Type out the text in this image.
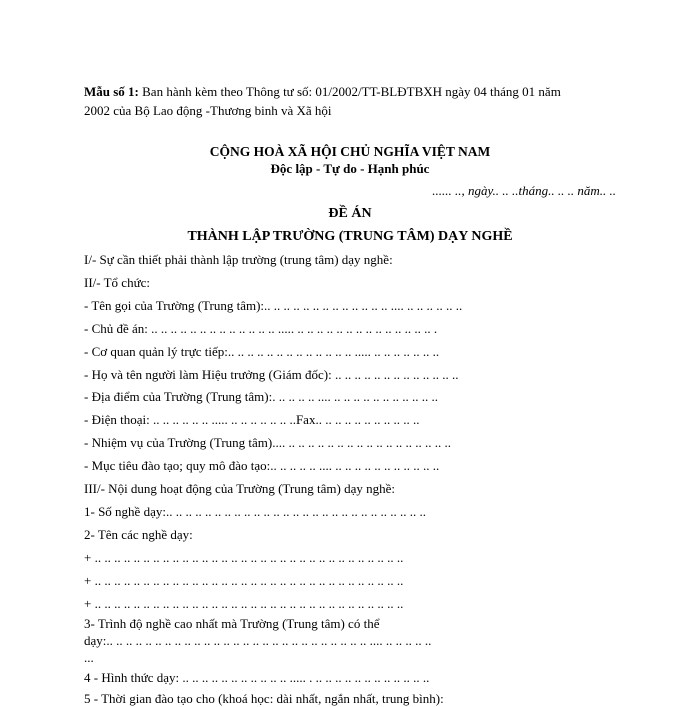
Mẫu số 1: Ban hành kèm theo Thông tư số: 01/2002/TT-BLĐTBXH ngày 04 tháng 01 năm
2002 của Bộ Lao động -Thương binh và Xã hội
CỘNG HOÀ XÃ HỘI CHỦ NGHĨA VIỆT NAM
Độc lập - Tự do - Hạnh phúc
...... .., ngày.. .. ..tháng.. .. .. năm.. ..
ĐỀ ÁN
THÀNH LẬP TRƯỜNG (TRUNG TÂM) DẠY NGHỀ
I/- Sự cần thiết phải thành lập trường (trung tâm) dạy nghề:
II/- Tổ chức:
- Tên gọi của Trường (Trung tâm):.. .. .. .. .. .. .. .. .. .. .. .. .. .... .. .. .. .. .. ..
- Chủ đề án: .. .. .. .. .. .. .. .. .. .. .. .. .. ..... .. .. .. .. .. .. .. .. .. .. .. .. .. .. .
- Cơ quan quản lý trực tiếp:.. .. .. .. .. .. .. .. .. .. .. .. .. ..... .. .. .. .. .. .. ..
- Họ và tên người làm Hiệu trưởng (Giám đốc): .. .. .. .. .. .. .. .. .. .. .. .. ..
- Địa điểm của Trường (Trung tâm):. .. .. .. .. .... .. .. .. .. .. .. .. .. .. .. ..
- Điện thoại: .. .. .. .. .. .. ..... .. .. .. .. .. .. ..Fax.. .. .. .. .. .. .. .. .. .. ..
- Nhiệm vụ của Trường (Trung tâm).... .. .. .. .. .. .. .. .. .. .. .. .. .. .. .. .. ..
- Mục tiêu đào tạo; quy mô đào tạo:.. .. .. .. .. .... .. .. .. .. .. .. .. .. .. .. ..
III/- Nội dung hoạt động của Trường (Trung tâm) dạy nghề:
1- Số nghề dạy:.. .. .. .. .. .. .. .. .. .. .. .. .. .. .. .. .. .. .. .. .. .. .. .. .. .. ..
2- Tên các nghề dạy:
+ .. .. .. .. .. .. .. .. .. .. .. .. .. .. .. .. .. .. .. .. .. .. .. .. .. .. .. .. .. .. .. ..
+ .. .. .. .. .. .. .. .. .. .. .. .. .. .. .. .. .. .. .. .. .. .. .. .. .. .. .. .. .. .. .. ..
+ .. .. .. .. .. .. .. .. .. .. .. .. .. .. .. .. .. .. .. .. .. .. .. .. .. .. .. .. .. .. .. ..
3- Trình độ nghề cao nhất mà Trường (Trung tâm) có thể
dạy:.. .. .. .. .. .. .. .. .. .. .. .. .. .. .. .. .. .. .. .. .. .. .. .. .. .. .. .... .. .. .. .. ..
...
4 - Hình thức dạy: .. .. .. .. .. .. .. .. .. .. .. ..... . .. .. .. .. .. .. .. .. .. .. .. ..
5 - Thời gian đào tạo cho (khoá học: dài nhất, ngắn nhất, trung bình):
